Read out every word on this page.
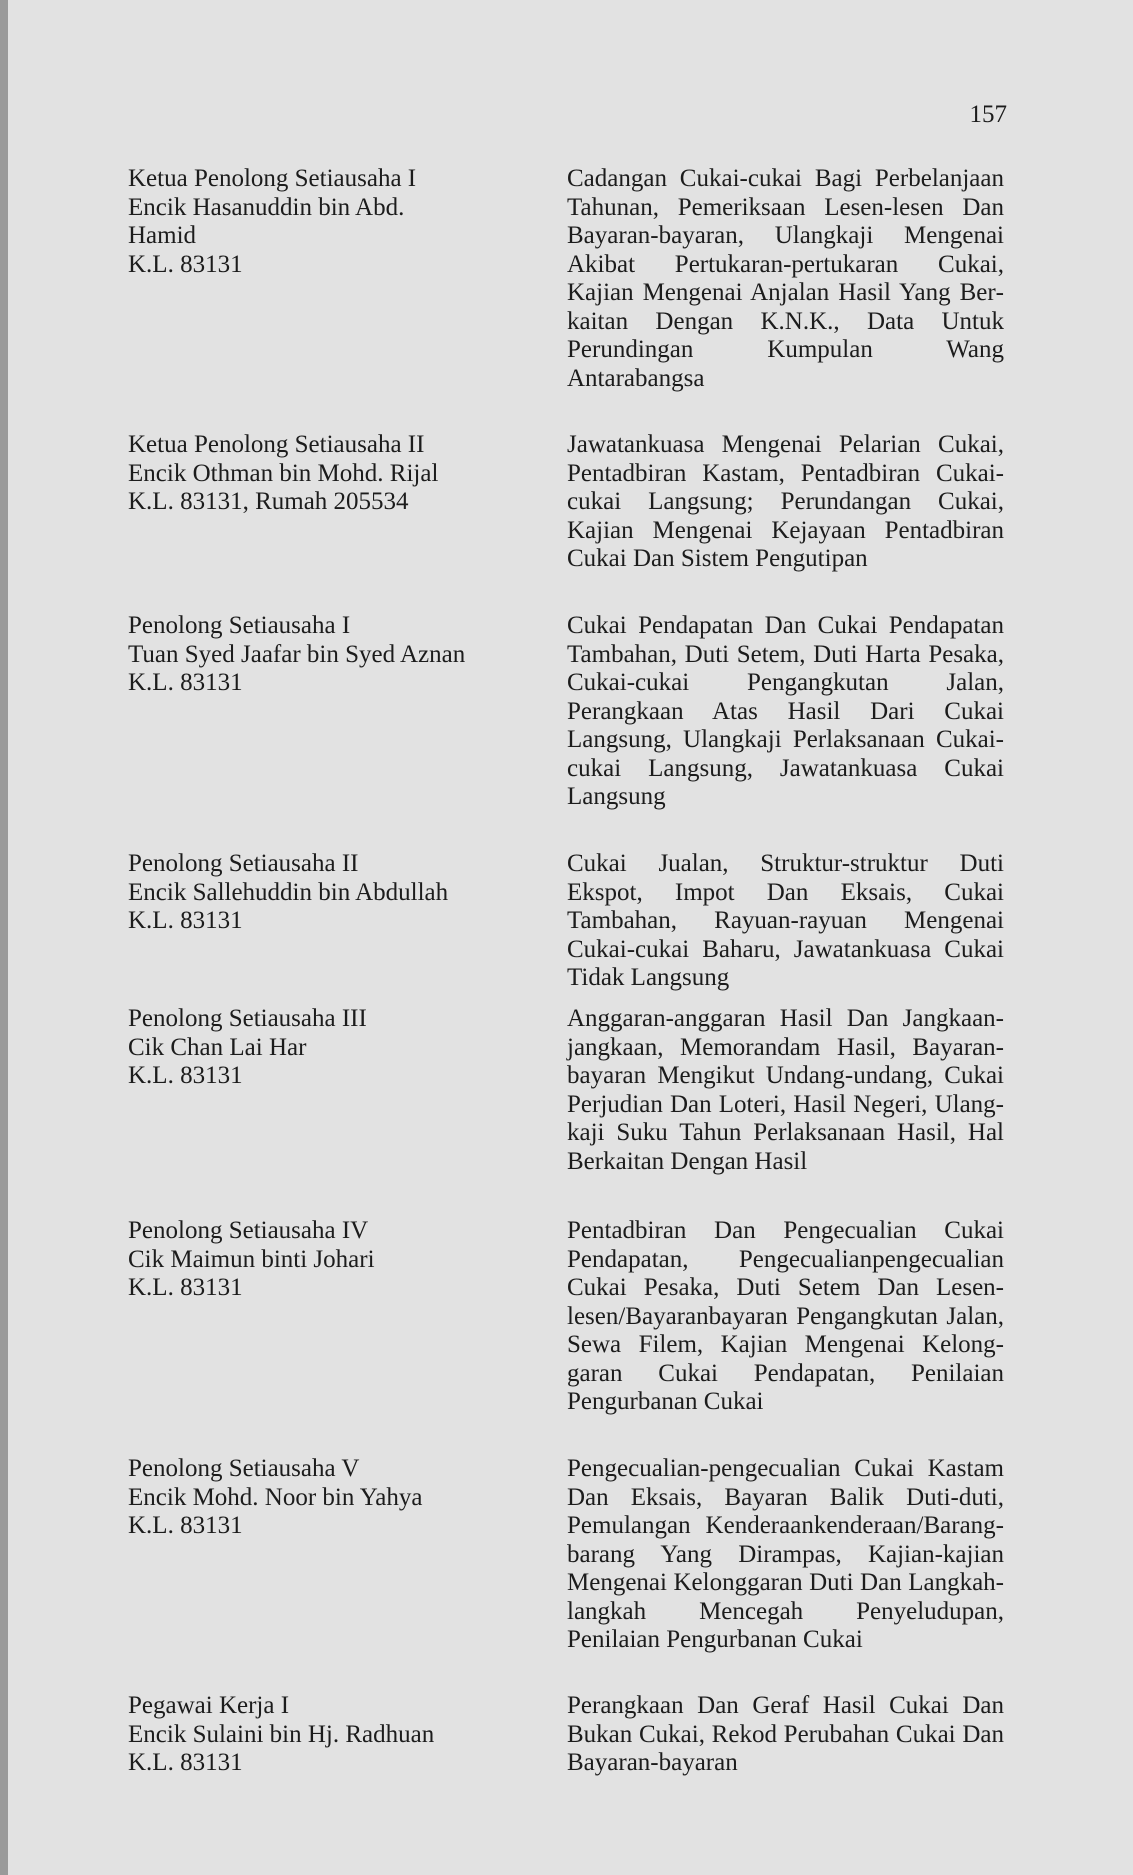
157
Ketua Penolong Setiausaha I
Encik Hasanuddin bin Abd.
Hamid
K.L. 83131
Cadangan Cukai-cukai Bagi Perbelanjaan Tahunan, Pemeriksaan Lesen-lesen Dan Bayaran-bayaran, Ulangkaji Mengenai Akibat Pertukaran-pertukaran Cukai, Kajian Mengenai Anjalan Hasil Yang Berkaitan Dengan K.N.K., Data Untuk Perundingan Kumpulan Wang Antarabangsa
Ketua Penolong Setiausaha II
Encik Othman bin Mohd. Rijal
K.L. 83131, Rumah 205534
Jawatankuasa Mengenai Pelarian Cukai, Pentadbiran Kastam, Pentadbiran Cukai-cukai Langsung; Perundangan Cukai, Kajian Mengenai Kejayaan Pentadbiran Cukai Dan Sistem Pengutipan
Penolong Setiausaha I
Tuan Syed Jaafar bin Syed Aznan
K.L. 83131
Cukai Pendapatan Dan Cukai Pendapatan Tambahan, Duti Setem, Duti Harta Pesaka, Cukai-cukai Pengangkutan Jalan, Perangkaan Atas Hasil Dari Cukai Langsung, Ulangkaji Perlaksanaan Cukaicukai Langsung, Jawatankuasa Cukai Langsung
Penolong Setiausaha II
Encik Sallehuddin bin Abdullah
K.L. 83131
Cukai Jualan, Struktur-struktur Duti Ekspot, Impot Dan Eksais, Cukai Tambahan, Rayuan-rayuan Mengenai Cukai-cukai Baharu, Jawatankuasa Cukai Tidak Langsung
Penolong Setiausaha III
Cik Chan Lai Har
K.L. 83131
Anggaran-anggaran Hasil Dan Jangkaan-jangkaan, Memorandam Hasil, Bayaran-bayaran Mengikut Undang-undang, Cukai Perjudian Dan Loteri, Hasil Negeri, Ulangkaji Suku Tahun Perlaksanaan Hasil, Hal Berkaitan Dengan Hasil
Penolong Setiausaha IV
Cik Maimun binti Johari
K.L. 83131
Pentadbiran Dan Pengecualian Cukai Pendapatan, Pengecualianpengecualian Cukai Pesaka, Duti Setem Dan Lesen-lesen/Bayaranbayaran Pengangkutan Jalan, Sewa Filem, Kajian Mengenai Kelonggaran Cukai Pendapatan, Penilaian Pengurbanan Cukai
Penolong Setiausaha V
Encik Mohd. Noor bin Yahya
K.L. 83131
Pengecualian-pengecualian Cukai Kastam Dan Eksais, Bayaran Balik Duti-duti, Pemulangan Kenderaankenderaan/Barang-barang Yang Dirampas, Kajian-kajian Mengenai Kelonggaran Duti Dan Langkahlangkah Mencegah Penyeludupan, Penilaian Pengurbanan Cukai
Pegawai Kerja I
Encik Sulaini bin Hj. Radhuan
K.L. 83131
Perangkaan Dan Geraf Hasil Cukai Dan Bukan Cukai, Rekod Perubahan Cukai Dan Bayaran-bayaran
